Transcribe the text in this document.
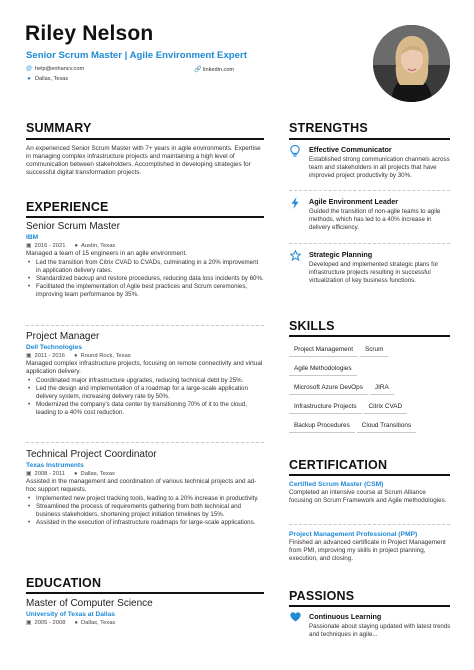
Riley Nelson
Senior Scrum Master | Agile Environment Expert
@ help@enhancv.com	🔗 linkedin.com
● Dallas, Texas
SUMMARY
An experienced Senior Scrum Master with 7+ years in agile environments. Expertise in managing complex infrastructure projects and maintaining a high level of communication between stakeholders. Accomplished in developing strategies for successful digital transformation projects.
EXPERIENCE
Senior Scrum Master
IBM
▣ 2016 - 2021 ● Austin, Texas
Managed a team of 15 engineers in an agile environment.
• Led the transition from Citrix CVAD to CVADs, culminating in a 20% improvement in application delivery rates.
• Standardized backup and restore procedures, reducing data loss incidents by 60%.
• Facilitated the implementation of Agile best practices and Scrum ceremonies, improving team performance by 35%.
Project Manager
Dell Technologies
▣ 2011 - 2016 ● Round Rock, Texas
Managed complex infrastructure projects, focusing on remote connectivity and virtual application delivery.
• Coordinated major infrastructure upgrades, reducing technical debt by 25%.
• Led the design and implementation of a roadmap for a large-scale application delivery system, increasing delivery rate by 50%.
• Modernized the company's data center by transitioning 70% of it to the cloud, leading to a 40% cost reduction.
Technical Project Coordinator
Texas Instruments
▣ 2008 - 2011 ● Dallas, Texas
Assisted in the management and coordination of various technical projects and ad-hoc support requests.
• Implemented new project tracking tools, leading to a 20% increase in productivity.
• Streamlined the process of requirements gathering from both technical and business stakeholders, shortening project initiation timelines by 15%.
• Assisted in the execution of infrastructure roadmaps for large-scale applications.
EDUCATION
Master of Computer Science
University of Texas at Dallas
▣ 2005 - 2008 ● Dallas, Texas
STRENGTHS
Effective Communicator
Established strong communication channels across team and stakeholders in all projects that have improved project productivity by 30%.
Agile Environment Leader
Guided the transition of non-agile teams to agile methods, which has led to a 40% increase in delivery efficiency.
Strategic Planning
Developed and implemented strategic plans for infrastructure projects resulting in successful virtualization of key business functions.
SKILLS
Project Management	Scrum
Agile Methodologies
Microsoft Azure DevOps	JIRA
Infrastructure Projects	Citrix CVAD
Backup Procedures	Cloud Transitions
CERTIFICATION
Certified Scrum Master (CSM)
Completed an intensive course at Scrum Alliance focusing on Scrum Framework and Agile methodologies.
Project Management Professional (PMP)
Finished an advanced certificate in Project Management from PMI, improving my skills in project planning, execution, and closing.
PASSIONS
Continuous Learning
Passionate about staying updated with latest trends and techniques in agile...
